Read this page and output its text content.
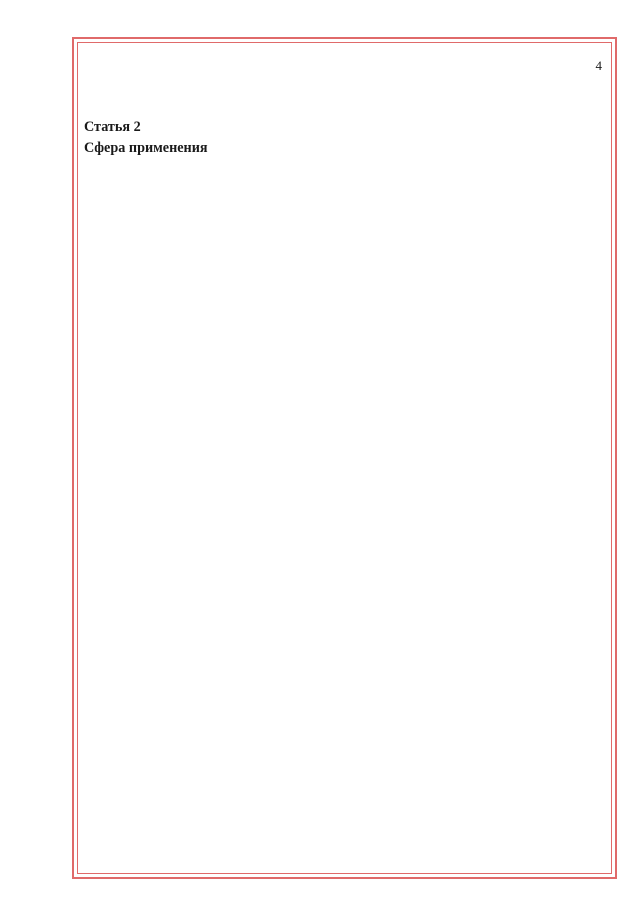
4

Статья 2

Сфера применения
